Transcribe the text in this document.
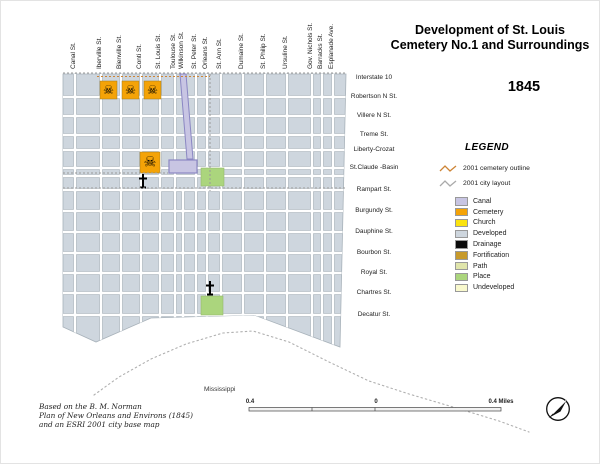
☠ ☠ ☠
☠
Canal St.	Iberville St. Bienville St. Conti St. St. Louis St. Toulouse St. Wilkinson St. St. Peter St. Orleans St. St. Ann St. Dumaine St. St. Philip St. Ursuline St.	Gov. Nichols St. Barracks St. Esplanade Ave.
Interstate 10
Robertson N St.
Villere N St.
Treme St.
Liberty-Crozat
St.Claude -Basin
Rampart St.
Burgundy St.
Dauphine St.
Bourbon St.
Royal St.
Chartres St.
Decatur St.
Development of St. Louis
Cemetery No.1 and Surroundings
1845
LEGEND
2001 cemetery outline
2001 city layout
Canal
Cemetery
Church
Developed
Drainage
Fortification
Path
Place
Undeveloped
Mississippi
Based on the B. M. Norman
Plan of New Orleans and Environs (1845)
and an ESRI 2001 city base map
0.4	0	0.4 Miles
